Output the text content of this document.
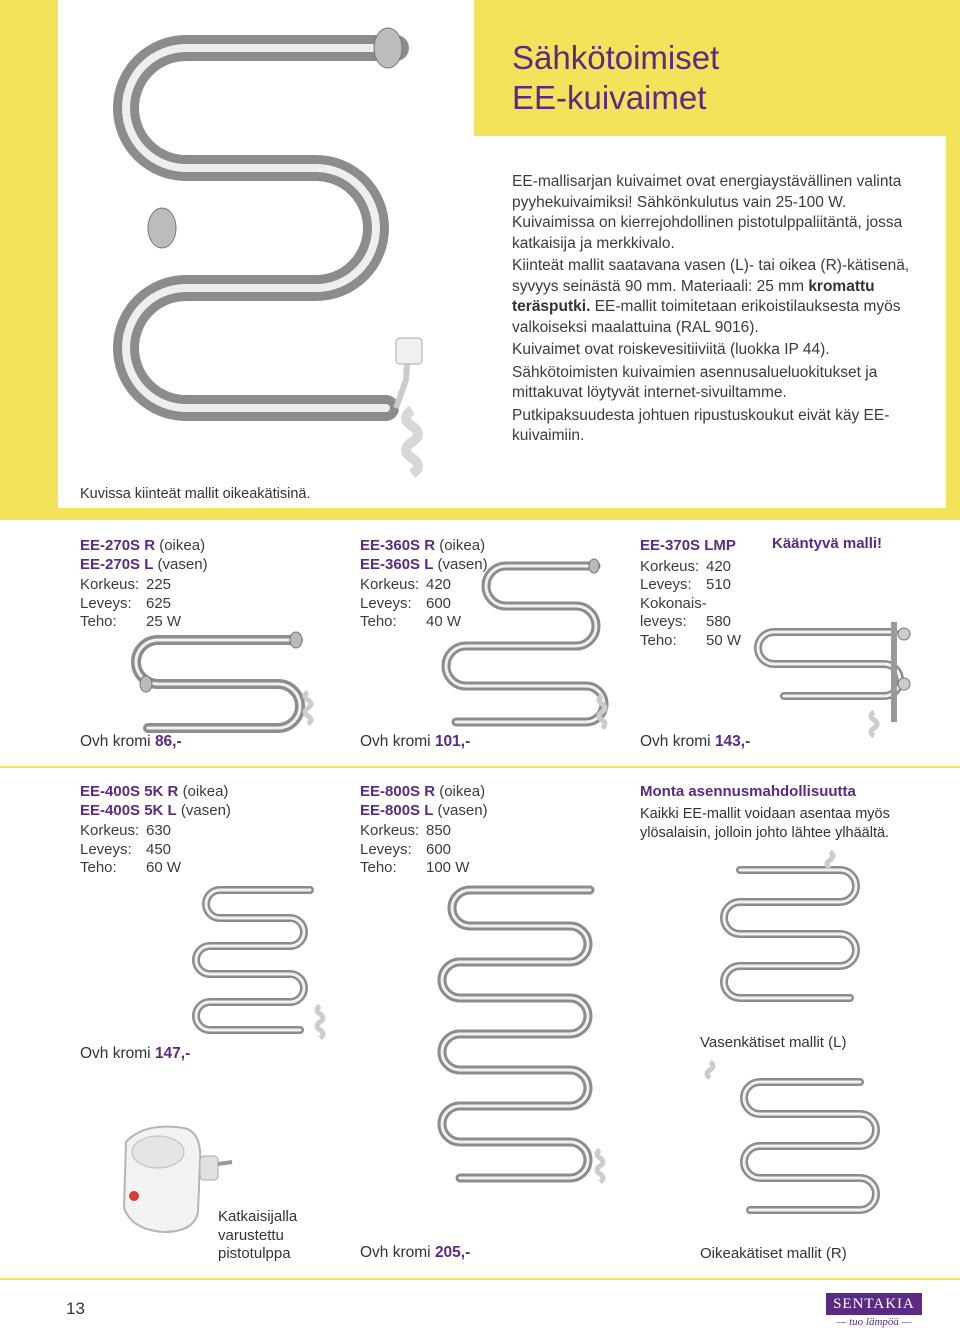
Sähkötoimiset
EE-kuivaimet

EE-mallisarjan kuivaimet ovat energiaystävällinen valinta pyyhekuivaimiksi! Sähkönkulutus vain 25-100 W. Kuivaimissa on kierrejohdollinen pistotulppaliitäntä, jossa katkaisija ja merkkivalo.

Kiinteät mallit saatavana vasen (L)- tai oikea (R)-kätisenä, syvyys seinästä 90 mm. Materiaali: 25 mm kromattu teräsputki. EE-mallit toimitetaan erikoistilauksesta myös valkoiseksi maalattuina (RAL 9016).

Kuivaimet ovat roiskevesitiiviitä (luokka IP 44).

Sähkötoimisten kuivaimien asennusalueluokitukset ja mittakuvat löytyvät internet-sivuiltamme.

Putkipaksuudesta johtuen ripustuskoukut eivät käy EE-kuivaimiin.

Kuvissa kiinteät mallit oikeakätisinä.
EE-270S R (oikea)
EE-270S L (vasen)
Korkeus: 225
Leveys: 625
Teho:	25 W
Ovh kromi 86,-
EE-360S R (oikea)
EE-360S L (vasen)
Korkeus: 420
Leveys: 600
Teho:	40 W
Ovh kromi 101,-
EE-370S LMP
Korkeus: 420
Leveys: 510
Kokonais-
leveys:	580
Teho:	50 W
Kääntyvä malli!
Ovh kromi 143,-
EE-400S 5K R (oikea)
EE-400S 5K L (vasen)
Korkeus: 630
Leveys: 450
Teho:	60 W
Ovh kromi 147,-
EE-800S R (oikea)
EE-800S L (vasen)
Korkeus: 850
Leveys: 600
Teho:	100 W
Ovh kromi 205,-
Monta asennusmahdollisuutta
Kaikki EE-mallit voidaan asentaa myös ylösalaisin, jolloin johto lähtee ylhäältä.
Vasenkätiset mallit (L)
Oikeakätiset mallit (R)
Katkaisijalla
varustettu
pistotulppa
13	SENTAKIA
— tuo lämpöä —
